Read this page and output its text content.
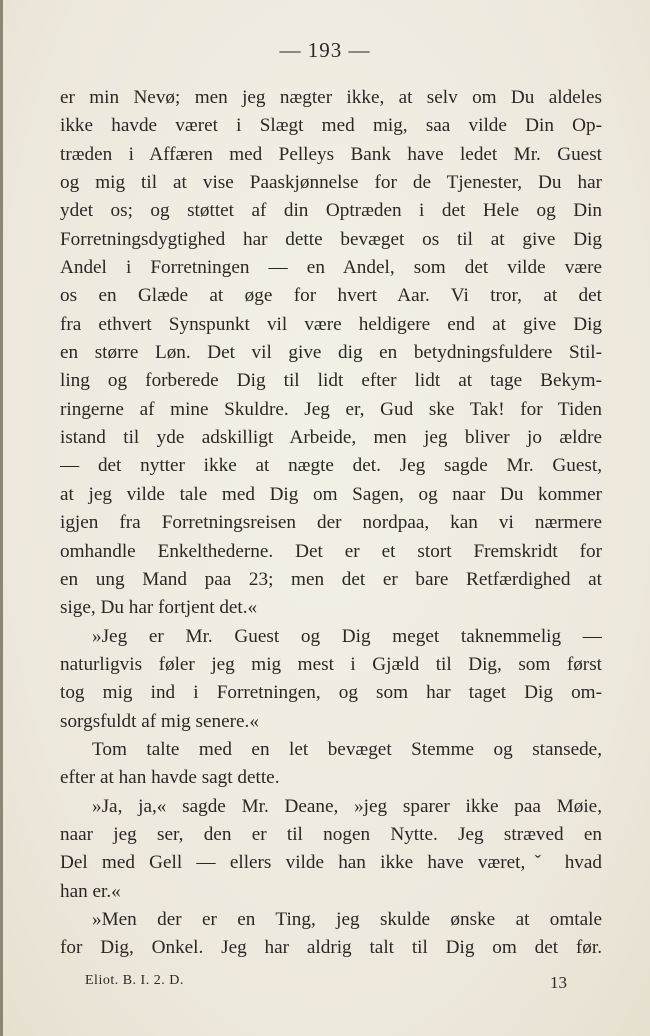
— 193 —
er min Nevø; men jeg nægter ikke, at selv om Du aldeles
ikke havde været i Slægt med mig, saa vilde Din Op-
træden i Affæren med Pelleys Bank have ledet Mr. Guest
og mig til at vise Paaskjønnelse for de Tjenester, Du har
ydet os; og støttet af din Optræden i det Hele og Din
Forretningsdygtighed har dette bevæget os til at give Dig
Andel i Forretningen — en Andel, som det vilde være
os en Glæde at øge for hvert Aar. Vi tror, at det
fra ethvert Synspunkt vil være heldigere end at give Dig
en større Løn. Det vil give dig en betydningsfuldere Stil-
ling og forberede Dig til lidt efter lidt at tage Bekym-
ringerne af mine Skuldre. Jeg er, Gud ske Tak! for Tiden
istand til yde adskilligt Arbeide, men jeg bliver jo ældre
— det nytter ikke at nægte det. Jeg sagde Mr. Guest,
at jeg vilde tale med Dig om Sagen, og naar Du kommer
igjen fra Forretningsreisen der nordpaa, kan vi nærmere
omhandle Enkelthederne. Det er et stort Fremskridt for
en ung Mand paa 23; men det er bare Retfærdighed at
sige, Du har fortjent det.«
»Jeg er Mr. Guest og Dig meget taknemmelig —
naturligvis føler jeg mig mest i Gjæld til Dig, som først
tog mig ind i Forretningen, og som har taget Dig om-
sorgsfuldt af mig senere.«
Tom talte med en let bevæget Stemme og stansede,
efter at han havde sagt dette.
»Ja, ja,« sagde Mr. Deane, »jeg sparer ikke paa Møie,
naar jeg ser, den er til nogen Nytte. Jeg stræved en
Del med Gell — ellers vilde han ikke have været,ˇ hvad
han er.«
»Men der er en Ting, jeg skulde ønske at omtale
for Dig, Onkel. Jeg har aldrig talt til Dig om det før.
Eliot. B. I. 2. D.	13
